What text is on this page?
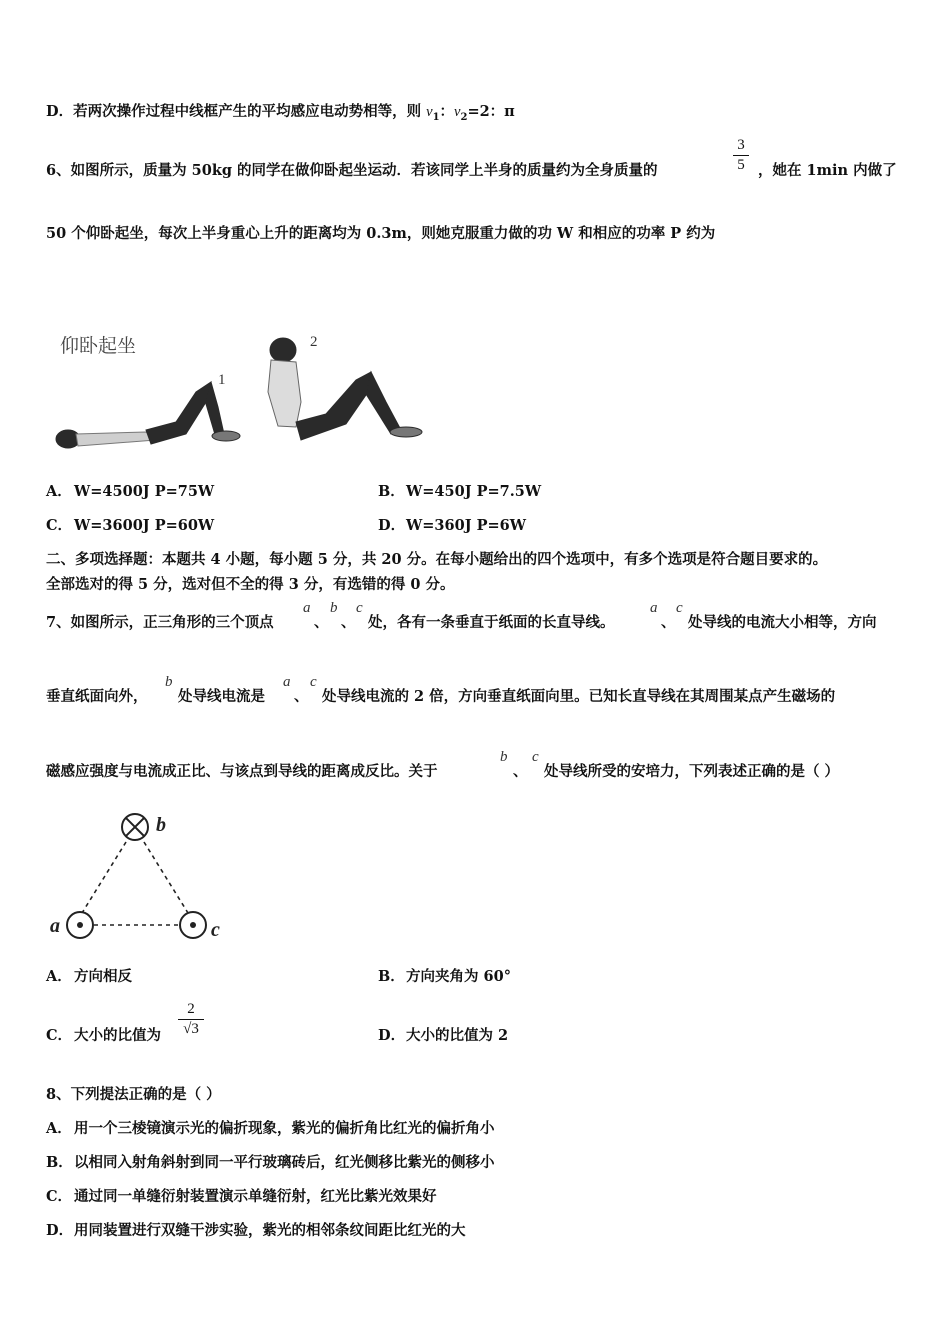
D．若两次操作过程中线框产生的平均感应电动势相等，则 $v_1$：$v_2=2$：π
6、如图所示，质量为 50kg 的同学在做仰卧起坐运动．若该同学上半身的质量约为全身质量的
3
5 ，她在 1min 内做了
50 个仰卧起坐，每次上半身重心上升的距离均为 0.3m，则她克服重力做的功 W 和相应的功率 P 约为
仰卧起坐
1
2
A． W=4500J P=75W	B．W=450J P=7.5W
C． W=3600J P=60W	D．W=360J P=6W
二、多项选择题：本题共 4 小题，每小题 5 分，共 20 分。在每小题给出的四个选项中，有多个选项是符合题目要求的。
全部选对的得 5 分，选对但不全的得 3 分，有选错的得 0 分。
7、如图所示，正三角形的三个顶点
a
、
b
、
c
处，各有一条垂直于纸面的长直导线。
a
、
c
处导线的电流大小相等，方向
垂直纸面向外，
b
处导线电流是
a
、
c
处导线电流的 2 倍，方向垂直纸面向里。已知长直导线在其周围某点产生磁场的
磁感应强度与电流成正比、与该点到导线的距离成反比。关于
b
、
c
处导线所受的安培力，下列表述正确的是（ ）
b
a	c
A． 方向相反	B．方向夹角为 60°
C． 大小的比值为
2
√3	D．大小的比值为 2
8、下列提法正确的是（ ）
A． 用一个三棱镜演示光的偏折现象，紫光的偏折角比红光的偏折角小
B．以相同入射角斜射到同一平行玻璃砖后，红光侧移比紫光的侧移小
C． 通过同一单缝衍射装置演示单缝衍射，红光比紫光效果好
D．用同装置进行双缝干涉实验，紫光的相邻条纹间距比红光的大
